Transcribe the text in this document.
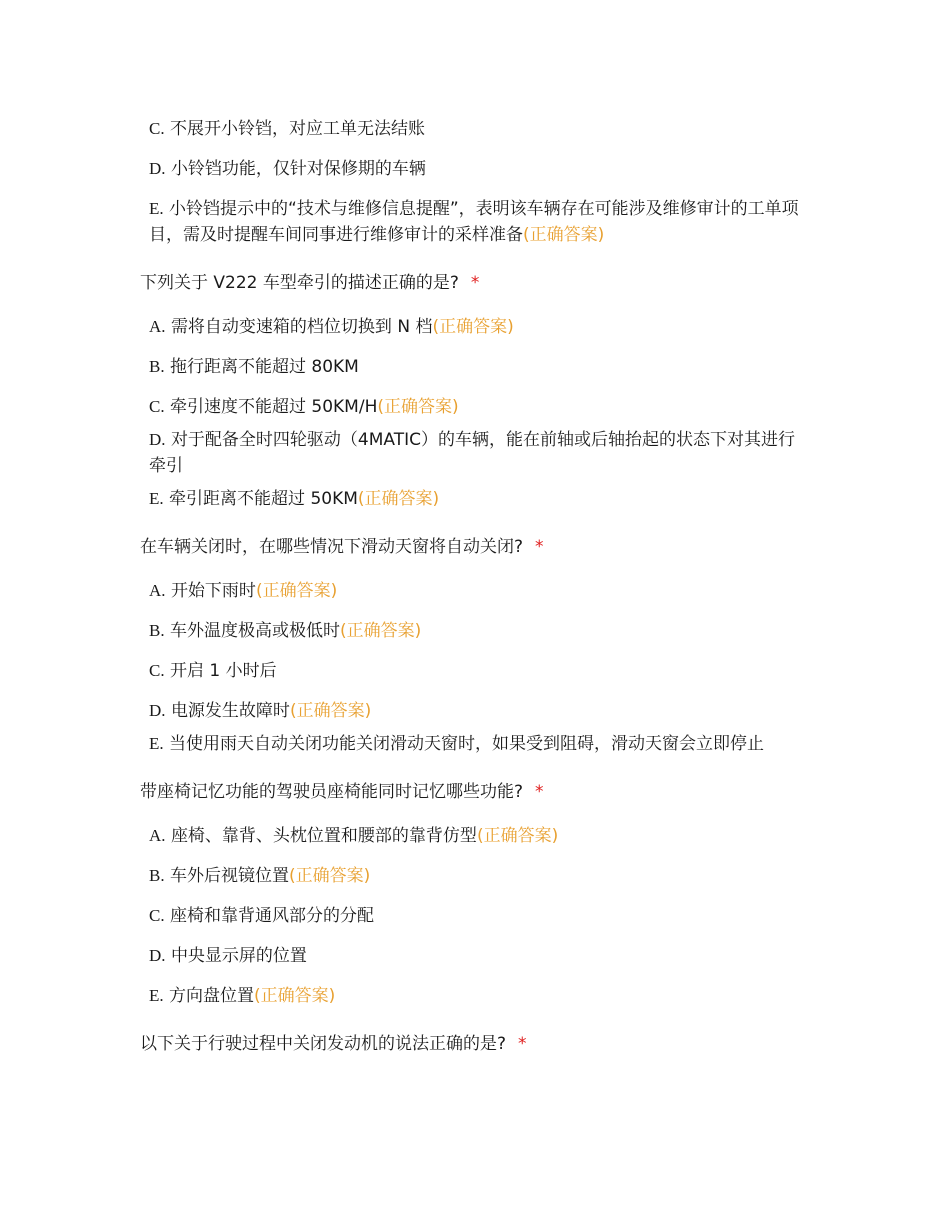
C. 不展开小铃铛，对应工单无法结账
D. 小铃铛功能，仅针对保修期的车辆
E. 小铃铛提示中的“技术与维修信息提醒”，表明该车辆存在可能涉及维修审计的工单项目，需及时提醒车间同事进行维修审计的采样准备(正确答案)
下列关于 V222 车型牵引的描述正确的是? *
A. 需将自动变速箱的档位切换到 N 档(正确答案)
B. 拖行距离不能超过 80KM
C. 牵引速度不能超过 50KM/H(正确答案)
D. 对于配备全时四轮驱动（4MATIC）的车辆，能在前轴或后轴抬起的状态下对其进行牵引
E. 牵引距离不能超过 50KM(正确答案)
在车辆关闭时，在哪些情况下滑动天窗将自动关闭? *
A. 开始下雨时(正确答案)
B. 车外温度极高或极低时(正确答案)
C. 开启 1 小时后
D. 电源发生故障时(正确答案)
E. 当使用雨天自动关闭功能关闭滑动天窗时，如果受到阻碍，滑动天窗会立即停止
带座椅记忆功能的驾驶员座椅能同时记忆哪些功能? *
A. 座椅、靠背、头枕位置和腰部的靠背仿型(正确答案)
B. 车外后视镜位置(正确答案)
C. 座椅和靠背通风部分的分配
D. 中央显示屏的位置
E. 方向盘位置(正确答案)
以下关于行驶过程中关闭发动机的说法正确的是? *
